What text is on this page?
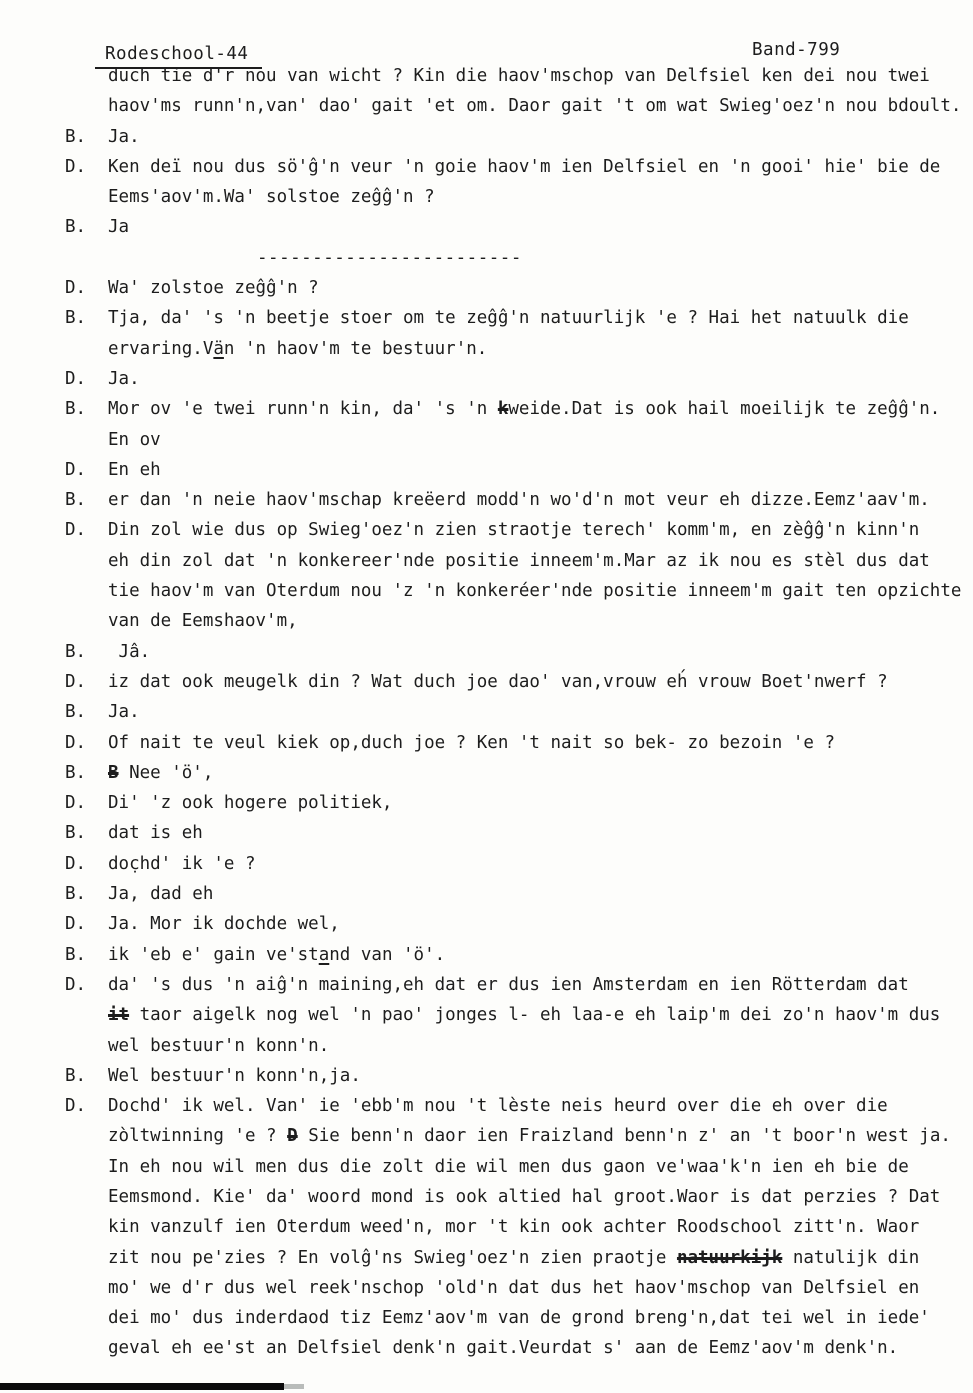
Rodeschool-44	Band-799
duch tie d'r nou van wicht ? Kin die haov'mschop van Delfsiel ken dei nou twei
haov'ms runn'n,van' dao' gait 'et om. Daor gait 't om wat Swieg'oez'n nou bdoult.
B.	Ja.
D.	Ken deï nou dus sö'ĝ'n veur 'n goie haov'm ien Delfsiel en 'n gooi' hie' bie de
Eems'aov'm.Wa' solstoe zeĝĝ'n ?
B.	Ja
------------------------
D.	Wa' zolstoe zeĝĝ'n ?
B.	Tja, da' 's 'n beetje stoer om te zeĝĝ'n natuurlijk 'e ? Hai het natuulk die
ervaring.Vän 'n haov'm te bestuur'n.
D.	Ja.
B.	Mor ov 'e twei runn'n kin, da' 's 'n kweide.Dat is ook hail moeilijk te zeĝĝ'n.
En ov
D.	En eh
B.	er dan 'n neie haov'mschap kreëerd modd'n wo'd'n mot veur eh dizze.Eemz'aav'm.
D.	Din zol wie dus op Swieg'oez'n zien straotje terech' komm'm, en zèĝĝ'n kinn'n
eh din zol dat 'n konkereer'nde positie inneem'm.Mar az ik nou es stèl dus dat
tie haov'm van Oterdum nou 'z 'n konkeréer'nde positie inneem'm gait ten opzichte
van de Eemshaov'm,
B.	Jâ.
D.	iz dat ook meugelk din ? Wat duch joe dao' van,vrouw eh́ vrouw Boet'nwerf ?
B.	Ja.
D.	Of nait te veul kiek op,duch joe ? Ken 't nait so bek- zo bezoin 'e ?
B.	B Nee 'ö',
D.	Di' 'z ook hogere politiek,
B.	dat is eh
D.	doc̣hd' ik 'e ?
B.	Ja, dad eh
D.	Ja. Mor ik dochde wel,
B.	ik 'eb e' gain ve'stand van 'ö'.
D.	da' 's dus 'n aiĝ'n maining,eh dat er dus ien Amsterdam en ien Rötterdam dat
it taor aigelk nog wel 'n pao' jonges l- eh laa-e eh laip'm dei zo'n haov'm dus
wel bestuur'n konn'n.
B.	Wel bestuur'n konn'n,ja.
D.	Dochd' ik wel. Van' ie 'ebb'm nou 't lèste neis heurd over die eh over die
zòltwinning 'e ? D Sie benn'n daor ien Fraizland benn'n z' an 't boor'n west ja.
In eh nou wil men dus die zolt die wil men dus gaon ve'waa'k'n ien eh bie de
Eemsmond. Kie' da' woord mond is ook altied hal groot.Waor is dat perzies ? Dat
kin vanzulf ien Oterdum weed'n, mor 't kin ook achter Roodschool zitt'n. Waor
zit nou pe'zies ? En volĝ'ns Swieg'oez'n zien praotje natuurkijk natulijk din
mo' we d'r dus wel reek'nschop 'old'n dat dus het haov'mschop van Delfsiel en
dei mo' dus inderdaod tiz Eemz'aov'm van de grond breng'n,dat tei wel in iede'
geval eh ee'st an Delfsiel denk'n gait.Veurdat s' aan de Eemz'aov'm denk'n.
